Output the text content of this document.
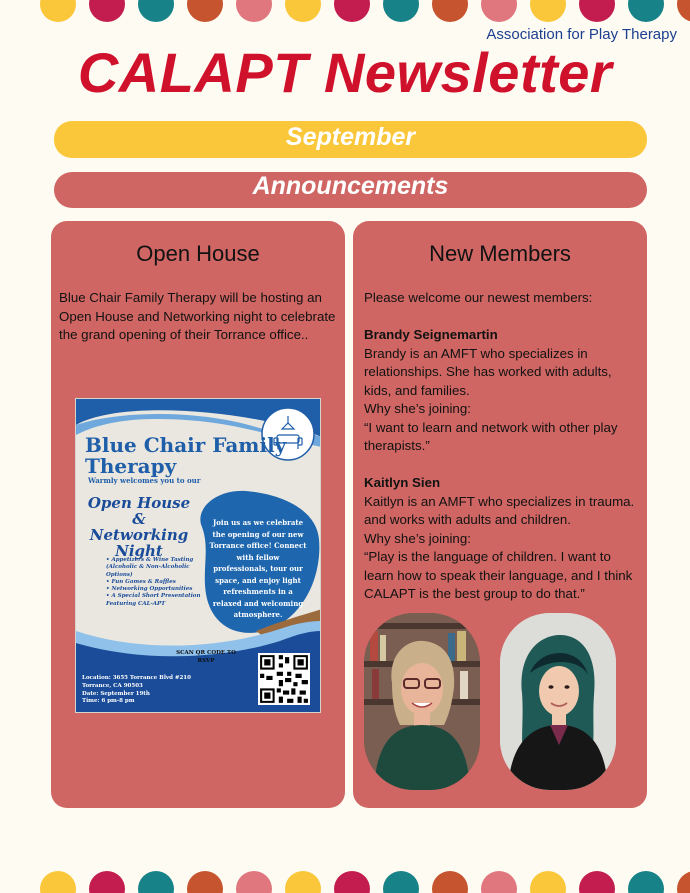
Association for Play Therapy
CALAPT Newsletter
September
Announcements
Open House

Blue Chair Family Therapy will be hosting an Open House and Networking night to celebrate the grand opening of their Torrance office..

Blue Chair Family Therapy
Warmly welcomes you to our
Open House & Networking Night
• Appetizers & Wine Tasting (Alcoholic & Non-Alcoholic Options)
• Fun Games & Raffles
• Networking Opportunities
• A Special Short Presentation Featuring CAL-APT
Join us as we celebrate the opening of our new Torrance office! Connect with fellow professionals, tour our space, and enjoy light refreshments in a relaxed and welcoming atmosphere.
SCAN QR CODE TO RSVP
Location: 3655 Torrance Blvd #210 Torrance, CA 90503
Date: September 19th
Time: 6 pm-8 pm
New Members

Please welcome our newest members:

Brandy Seignemartin
Brandy is an AMFT who specializes in relationships. She has worked with adults, kids, and families.
Why she’s joining:
“I want to learn and network with other play therapists.”

Kaitlyn Sien
Kaitlyn is an AMFT who specializes in trauma. and works with adults and children.
Why she’s joining:
“Play is the language of children. I want to learn how to speak their language, and I think CALAPT is the best group to do that.”
